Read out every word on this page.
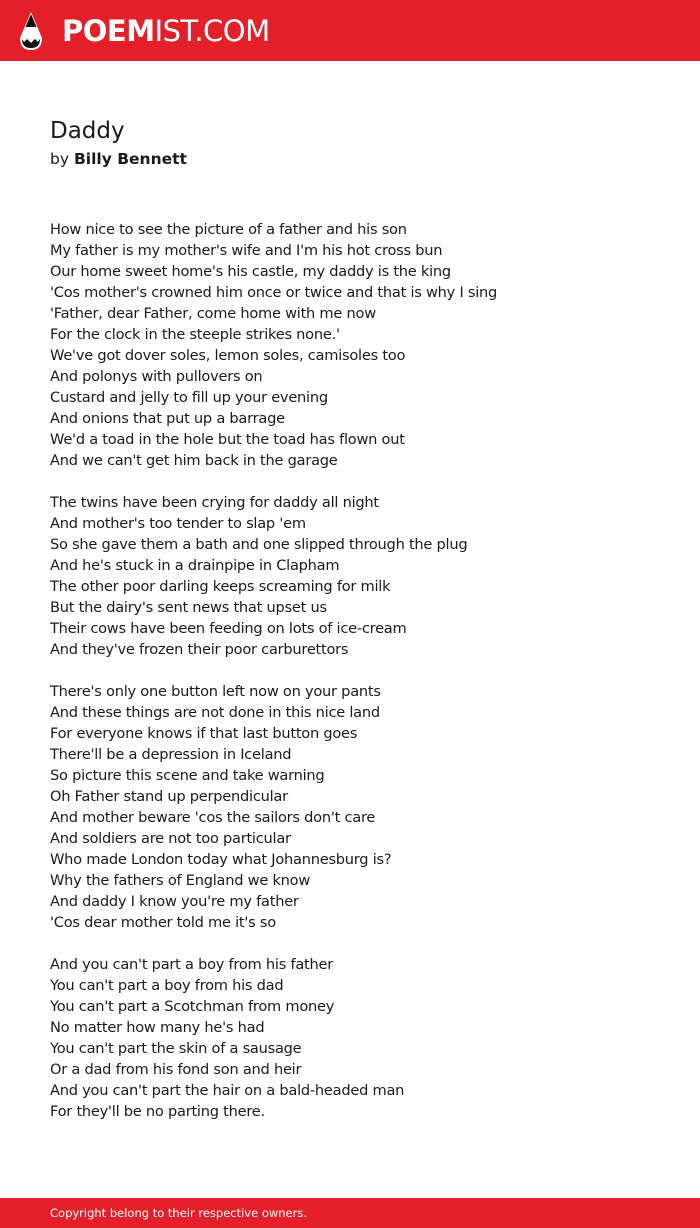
POEMIST.COM
Daddy
by Billy Bennett
How nice to see the picture of a father and his son
My father is my mother's wife and I'm his hot cross bun
Our home sweet home's his castle, my daddy is the king
'Cos mother's crowned him once or twice and that is why I sing
'Father, dear Father, come home with me now
For the clock in the steeple strikes none.'
We've got dover soles, lemon soles, camisoles too
And polonys with pullovers on
Custard and jelly to fill up your evening
And onions that put up a barrage
We'd a toad in the hole but the toad has flown out
And we can't get him back in the garage
The twins have been crying for daddy all night
And mother's too tender to slap 'em
So she gave them a bath and one slipped through the plug
And he's stuck in a drainpipe in Clapham
The other poor darling keeps screaming for milk
But the dairy's sent news that upset us
Their cows have been feeding on lots of ice-cream
And they've frozen their poor carburettors
There's only one button left now on your pants
And these things are not done in this nice land
For everyone knows if that last button goes
There'll be a depression in Iceland
So picture this scene and take warning
Oh Father stand up perpendicular
And mother beware 'cos the sailors don't care
And soldiers are not too particular
Who made London today what Johannesburg is?
Why the fathers of England we know
And daddy I know you're my father
'Cos dear mother told me it's so
And you can't part a boy from his father
You can't part a boy from his dad
You can't part a Scotchman from money
No matter how many he's had
You can't part the skin of a sausage
Or a dad from his fond son and heir
And you can't part the hair on a bald-headed man
For they'll be no parting there.
Copyright belong to their respective owners.
